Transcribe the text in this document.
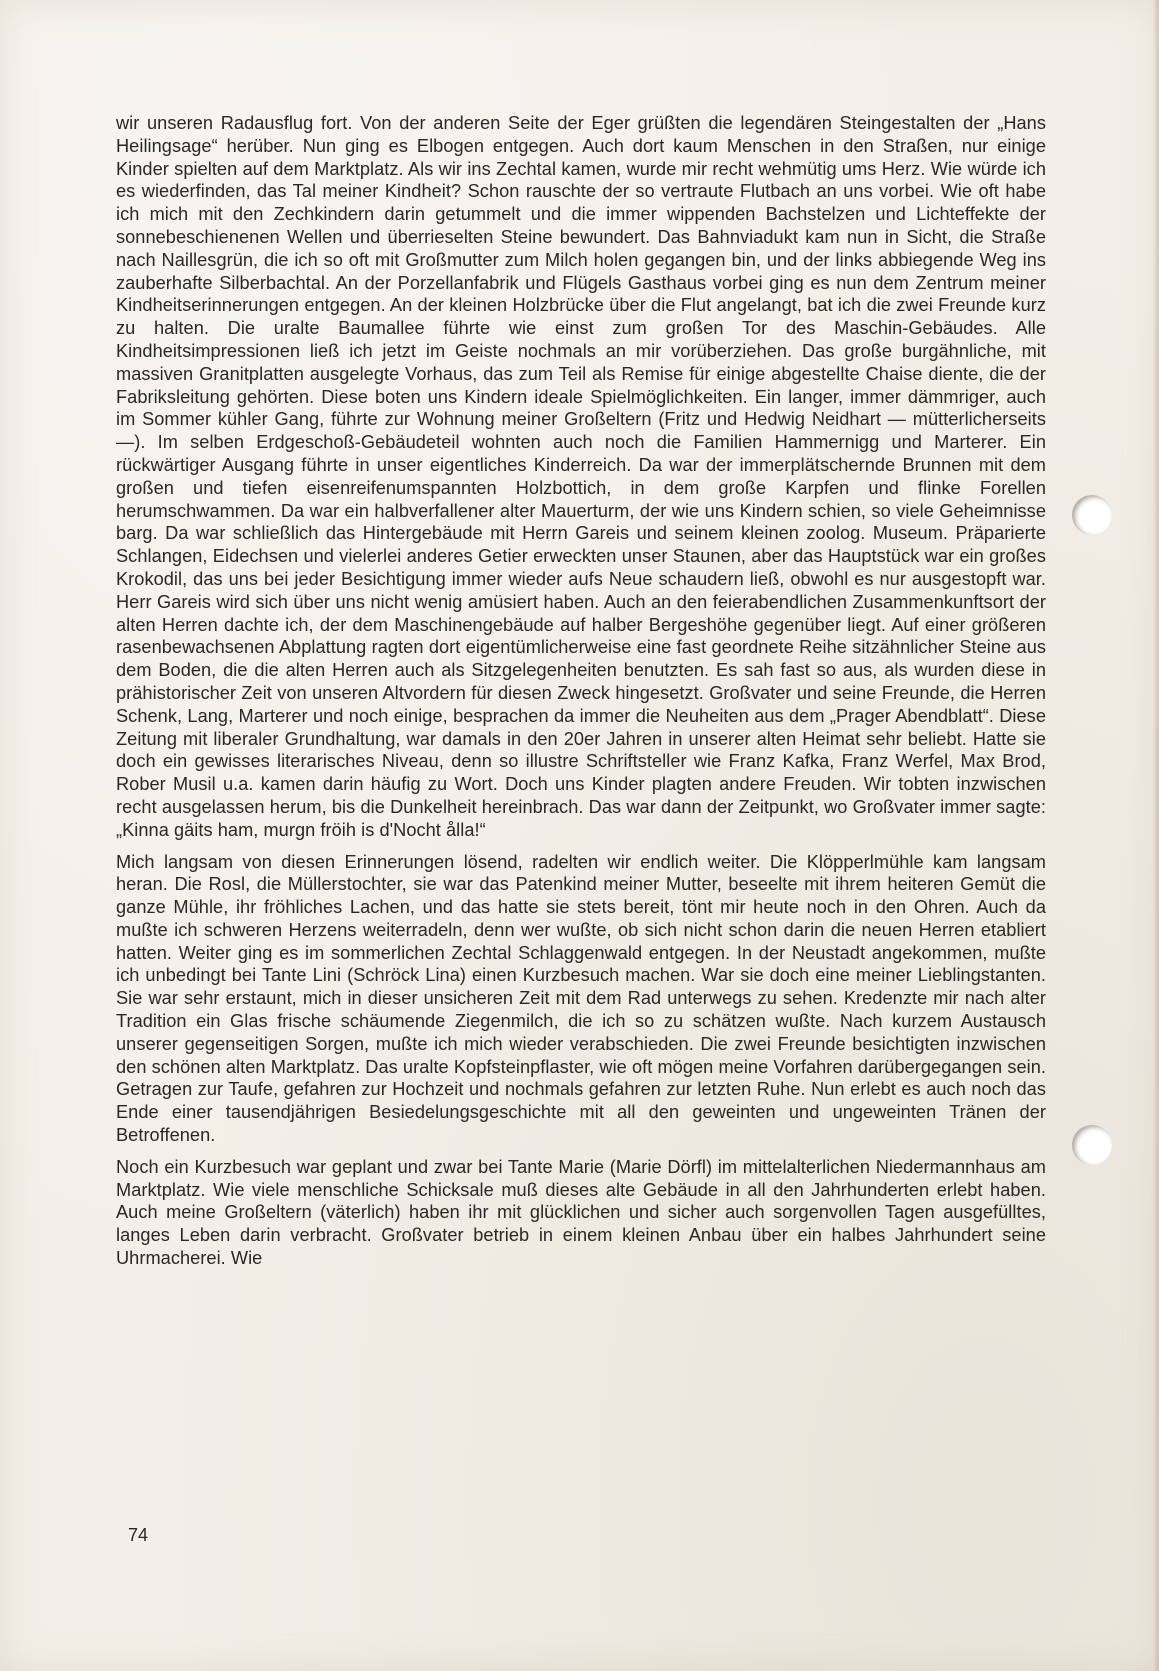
wir unseren Radausflug fort. Von der anderen Seite der Eger grüßten die legendären Steingestalten der „Hans Heilingsage“ herüber. Nun ging es Elbogen entgegen. Auch dort kaum Menschen in den Straßen, nur einige Kinder spielten auf dem Marktplatz. Als wir ins Zechtal kamen, wurde mir recht wehmütig ums Herz. Wie würde ich es wiederfinden, das Tal meiner Kindheit? Schon rauschte der so vertraute Flutbach an uns vorbei. Wie oft habe ich mich mit den Zechkindern darin getummelt und die immer wippenden Bachstelzen und Lichteffekte der sonnebeschienenen Wellen und überrieselten Steine bewundert. Das Bahnviadukt kam nun in Sicht, die Straße nach Naillesgrün, die ich so oft mit Großmutter zum Milch holen gegangen bin, und der links abbiegende Weg ins zauberhafte Silberbachtal. An der Porzellanfabrik und Flügels Gasthaus vorbei ging es nun dem Zentrum meiner Kindheitserinnerungen entgegen. An der kleinen Holzbrücke über die Flut angelangt, bat ich die zwei Freunde kurz zu halten. Die uralte Baumallee führte wie einst zum großen Tor des Maschin-Gebäudes. Alle Kindheitsimpressionen ließ ich jetzt im Geiste nochmals an mir vorüberziehen. Das große burgähnliche, mit massiven Granitplatten ausgelegte Vorhaus, das zum Teil als Remise für einige abgestellte Chaise diente, die der Fabriksleitung gehörten. Diese boten uns Kindern ideale Spielmöglichkeiten. Ein langer, immer dämmriger, auch im Sommer kühler Gang, führte zur Wohnung meiner Großeltern (Fritz und Hedwig Neidhart — mütterlicherseits —). Im selben Erdgeschoß-Gebäudeteil wohnten auch noch die Familien Hammernigg und Marterer. Ein rückwärtiger Ausgang führte in unser eigentliches Kinderreich. Da war der immerplätschernde Brunnen mit dem großen und tiefen eisenreifenumspannten Holzbottich, in dem große Karpfen und flinke Forellen herumschwammen. Da war ein halbverfallener alter Mauerturm, der wie uns Kindern schien, so viele Geheimnisse barg. Da war schließlich das Hintergebäude mit Herrn Gareis und seinem kleinen zoolog. Museum. Präparierte Schlangen, Eidechsen und vielerlei anderes Getier erweckten unser Staunen, aber das Hauptstück war ein großes Krokodil, das uns bei jeder Besichtigung immer wieder aufs Neue schaudern ließ, obwohl es nur ausgestopft war. Herr Gareis wird sich über uns nicht wenig amüsiert haben. Auch an den feierabendlichen Zusammenkunftsort der alten Herren dachte ich, der dem Maschinengebäude auf halber Bergeshöhe gegenüber liegt. Auf einer größeren rasenbewachsenen Abplattung ragten dort eigentümlicherweise eine fast geordnete Reihe sitzähnlicher Steine aus dem Boden, die die alten Herren auch als Sitzgelegenheiten benutzten. Es sah fast so aus, als wurden diese in prähistorischer Zeit von unseren Altvordern für diesen Zweck hingesetzt. Großvater und seine Freunde, die Herren Schenk, Lang, Marterer und noch einige, besprachen da immer die Neuheiten aus dem „Prager Abendblatt“. Diese Zeitung mit liberaler Grundhaltung, war damals in den 20er Jahren in unserer alten Heimat sehr beliebt. Hatte sie doch ein gewisses literarisches Niveau, denn so illustre Schriftsteller wie Franz Kafka, Franz Werfel, Max Brod, Rober Musil u.a. kamen darin häufig zu Wort. Doch uns Kinder plagten andere Freuden. Wir tobten inzwischen recht ausgelassen herum, bis die Dunkelheit hereinbrach. Das war dann der Zeitpunkt, wo Großvater immer sagte: „Kinna gäits ham, murgn fröih is d'Nocht ålla!“

Mich langsam von diesen Erinnerungen lösend, radelten wir endlich weiter. Die Klöpperlmühle kam langsam heran. Die Rosl, die Müllerstochter, sie war das Patenkind meiner Mutter, beseelte mit ihrem heiteren Gemüt die ganze Mühle, ihr fröhliches Lachen, und das hatte sie stets bereit, tönt mir heute noch in den Ohren. Auch da mußte ich schweren Herzens weiterradeln, denn wer wußte, ob sich nicht schon darin die neuen Herren etabliert hatten. Weiter ging es im sommerlichen Zechtal Schlaggenwald entgegen. In der Neustadt angekommen, mußte ich unbedingt bei Tante Lini (Schröck Lina) einen Kurzbesuch machen. War sie doch eine meiner Lieblingstanten. Sie war sehr erstaunt, mich in dieser unsicheren Zeit mit dem Rad unterwegs zu sehen. Kredenzte mir nach alter Tradition ein Glas frische schäumende Ziegenmilch, die ich so zu schätzen wußte. Nach kurzem Austausch unserer gegenseitigen Sorgen, mußte ich mich wieder verabschieden. Die zwei Freunde besichtigten inzwischen den schönen alten Marktplatz. Das uralte Kopfsteinpflaster, wie oft mögen meine Vorfahren darübergegangen sein. Getragen zur Taufe, gefahren zur Hochzeit und nochmals gefahren zur letzten Ruhe. Nun erlebt es auch noch das Ende einer tausendjährigen Besiedelungsgeschichte mit all den geweinten und ungeweinten Tränen der Betroffenen.

Noch ein Kurzbesuch war geplant und zwar bei Tante Marie (Marie Dörfl) im mittelalterlichen Niedermannhaus am Marktplatz. Wie viele menschliche Schicksale muß dieses alte Gebäude in all den Jahrhunderten erlebt haben. Auch meine Großeltern (väterlich) haben ihr mit glücklichen und sicher auch sorgenvollen Tagen ausgefülltes, langes Leben darin verbracht. Großvater betrieb in einem kleinen Anbau über ein halbes Jahrhundert seine Uhrmacherei. Wie

74
